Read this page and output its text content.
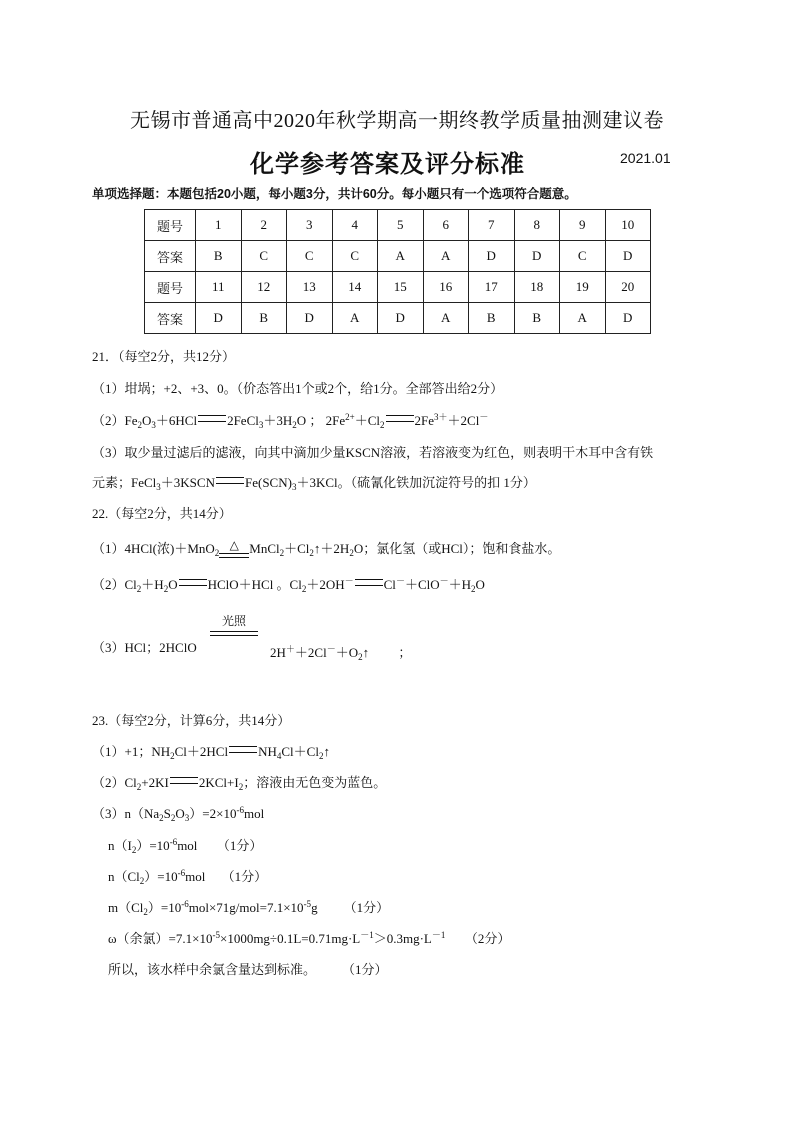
无锡市普通高中2020年秋学期高一期终教学质量抽测建议卷
化学参考答案及评分标准	2021.01
单项选择题：本题包括20小题，每小题3分，共计60分。每小题只有一个选项符合题意。
题号	1	2	3	4	5	6	7	8	9	10
答案	B	C	C	C	A	A	D	D	C	D
题号	11	12	13	14	15	16	17	18	19	20
答案	D	B	D	A	D	A	B	B	A	D
21．（每空2分，共12分）
（1）坩埚；+2、+3、0。（价态答出1个或2个，给1分。全部答出给2分）
$(2)Fe_2O_3+6HCl$ $2FeCl_3+3H_2O$ ； $2Fe^{2+}+Cl_2$ $2Fe^{3+}+2Cl^-$
（3）取少量过滤后的滤液，向其中滴加少量KSCN溶液，若溶液变为红色，则表明干木耳中含有铁
元素；FeCl$_3$＋3KSCN $Fe(SCN)_3+3KCl$。（硫氰化铁加沉淀符号的扣 1分）
22.（每空2分，共14分）
（1）4HCl(浓)＋MnO$_2$△ $MnCl_2+Cl_2↑+2H_2O$；氯化氢（或HCl）；饱和食盐水。
$(2)Cl_2+H_2O$ HClO＋HCl 。$Cl_2+2OH^-$ $Cl^-+ClO^-+H_2O$
光照
（3）HCl；2HClO	$2H^++2Cl^-+O_2↑$         ；
23.（每空2分，计算6分，共14分）
（1）+1；$NH_2Cl+2HCl$ $NH_4Cl+Cl_2↑$
$(2)Cl_2+2KI$ $2KCl+I_2$；溶液由无色变为蓝色。
$(3)n(Na_2S_2O_3)=2\times 10^{-6}mol$
$n(I_2)=10^{-6}mol$      （1分）
$n(Cl_2)=10^{-6}mol$     （1分）
$m(Cl_2)=10^{-6}mol\times 71g/mol=7.1\times 10^{-5}g$        （1分）
ω（余氯）$=7.1\times 10^{-5}\times 1000mg\div 0.1L=0.71mg\cdot L^{-1}>0.3mg\cdot L^{-1}$ （2分）
所以，该水样中余氯含量达到标准。 （1分）
